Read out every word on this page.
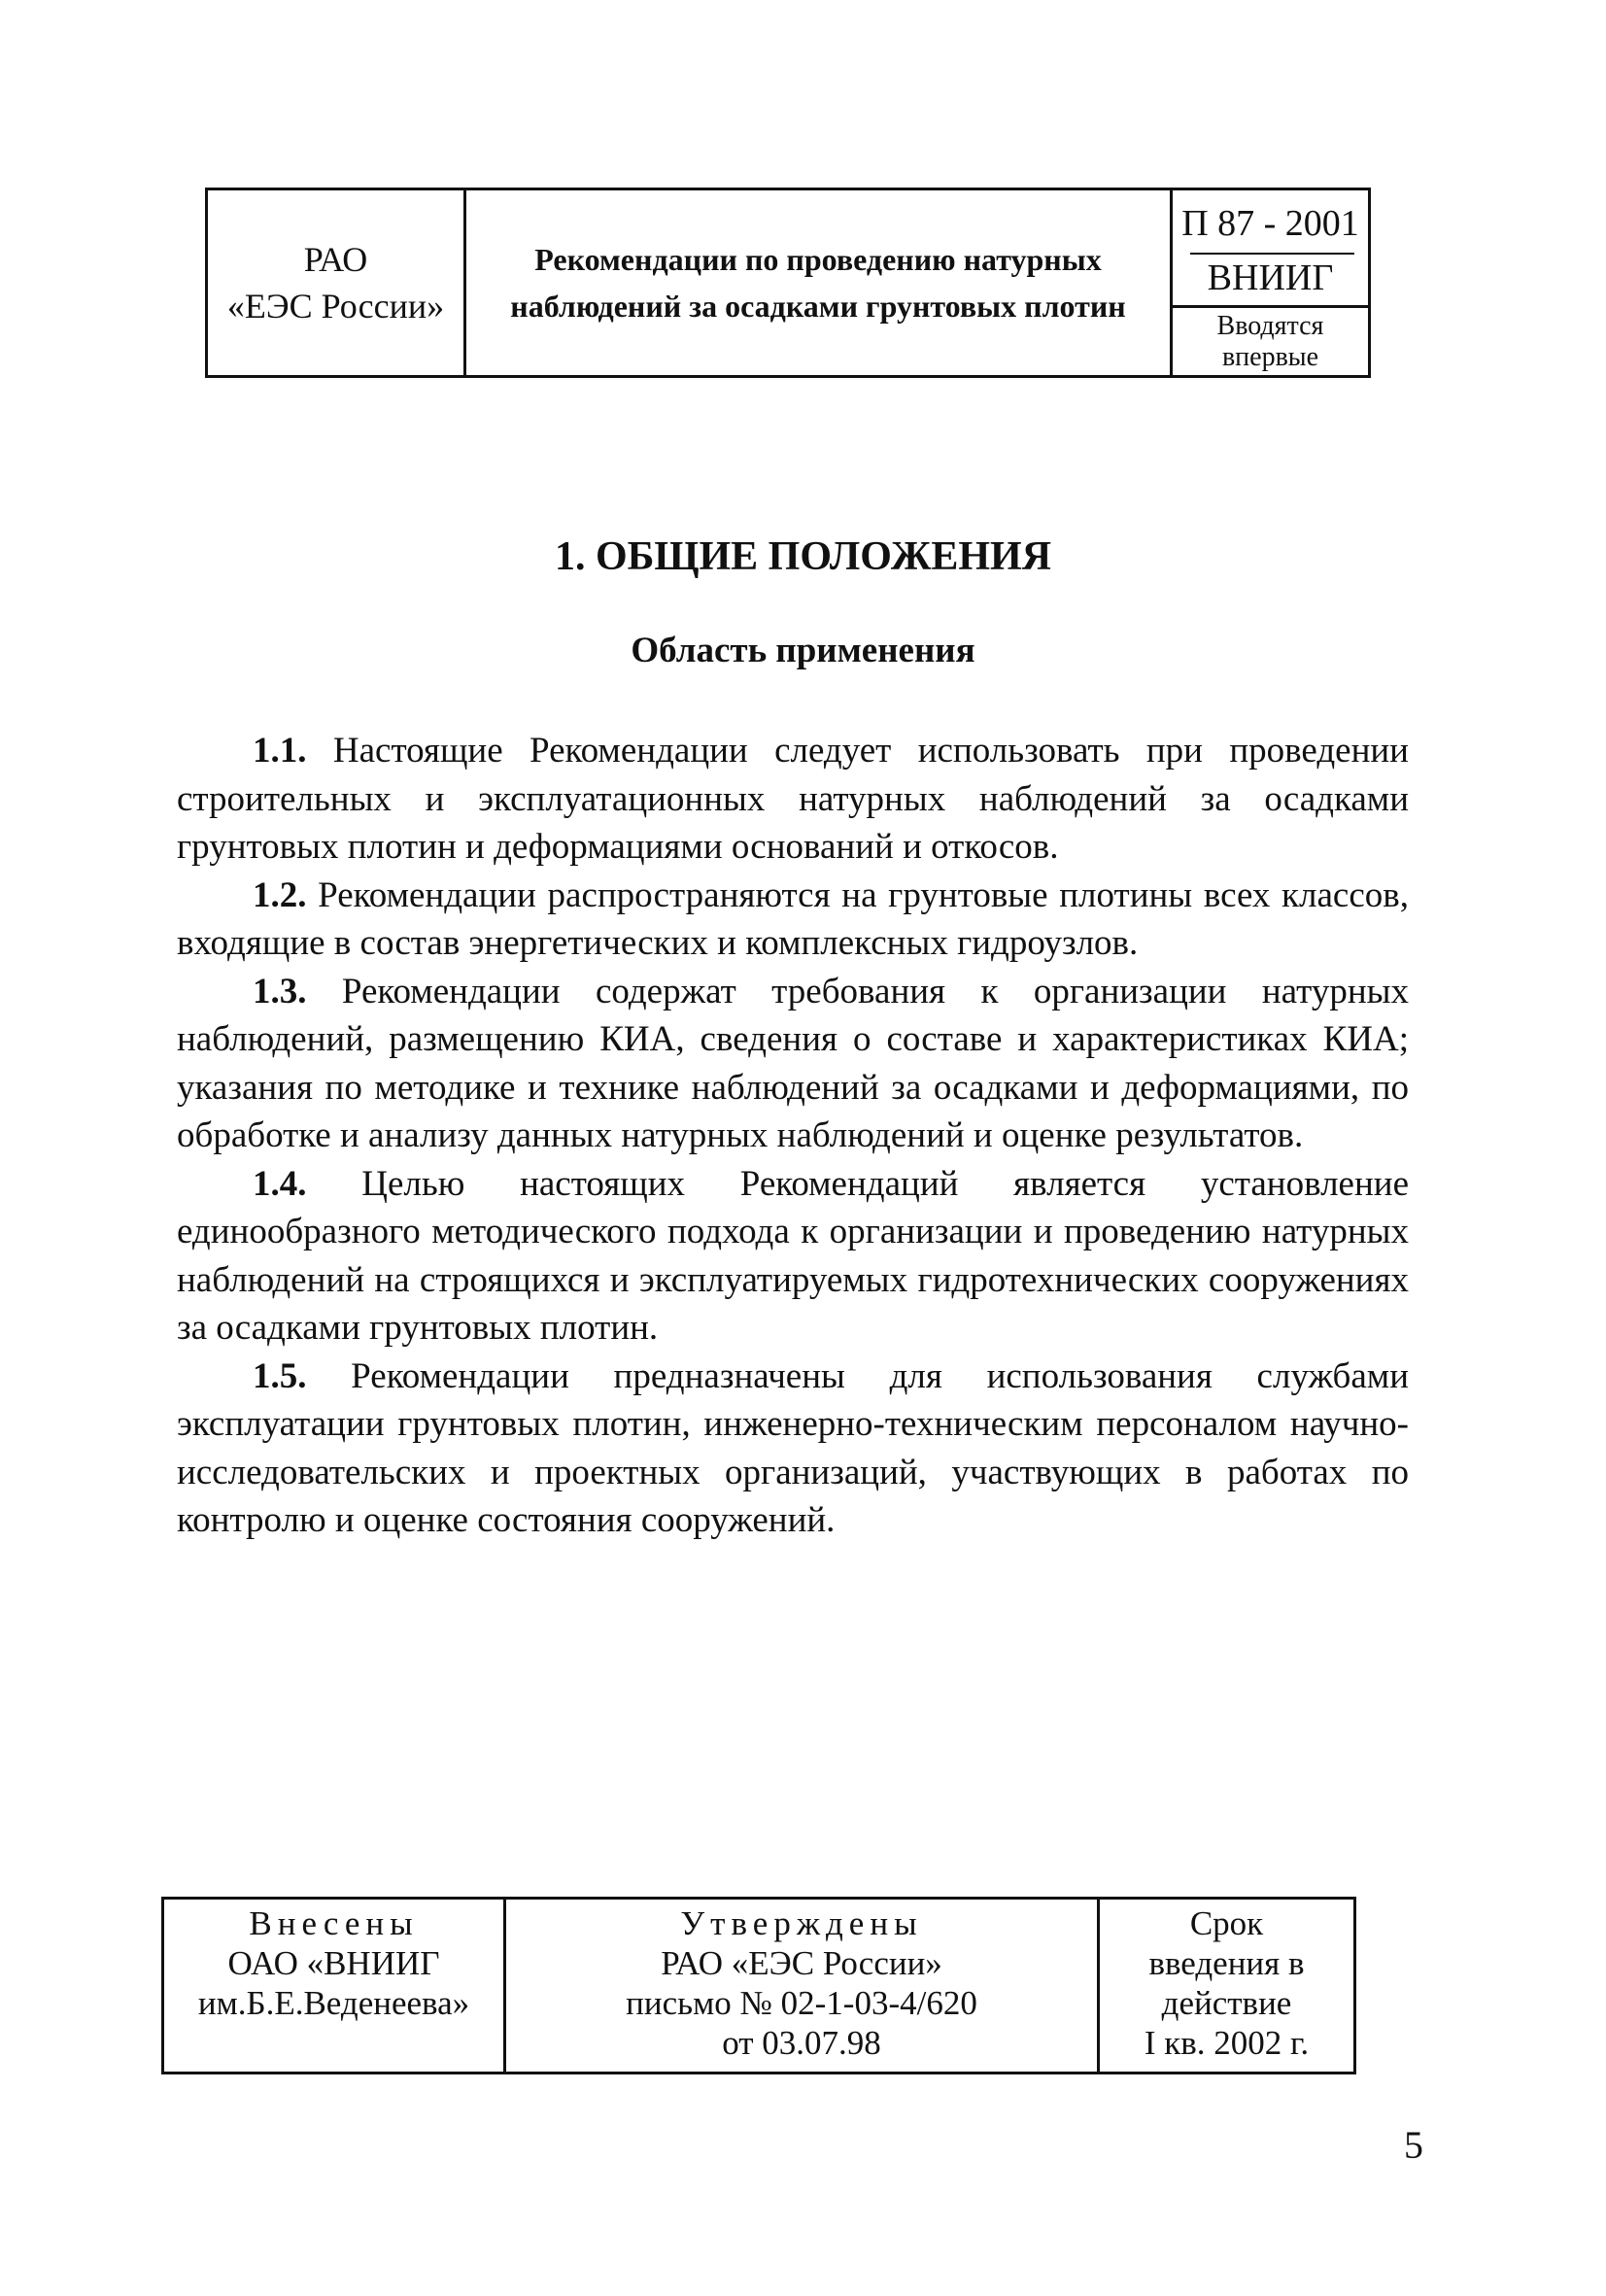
РАО
«ЕЭС России»
Рекомендации по проведению натурных наблюдений за осадками грунтовых плотин
П 87 - 2001
ВНИИГ
Вводятся
впервые
1. ОБЩИЕ ПОЛОЖЕНИЯ
Область применения

1.1. Настоящие Рекомендации следует использовать при проведении строительных и эксплуатационных натурных наблюдений за осадками грунтовых плотин и деформациями оснований и откосов.

1.2. Рекомендации распространяются на грунтовые плотины всех классов, входящие в состав энергетических и комплексных гидроузлов.

1.3. Рекомендации содержат требования к организации натурных наблюдений, размещению КИА, сведения о составе и характеристиках КИА; указания по методике и технике наблюдений за осадками и деформациями, по обработке и анализу данных натурных наблюдений и оценке результатов.

1.4. Целью настоящих Рекомендаций является установление единообразного методического подхода к организации и проведению натурных наблюдений на строящихся и эксплуатируемых гидротехнических сооружениях за осадками грунтовых плотин.

1.5. Рекомендации предназначены для использования службами эксплуатации грунтовых плотин, инженерно-техническим персоналом научно-исследовательских и проектных организаций, участвующих в работах по контролю и оценке состояния сооружений.

Внесены
ОАО «ВНИИГ
им.Б.Е.Веденеева»
Утверждены
РАО «ЕЭС России»
письмо № 02-1-03-4/620
от 03.07.98
Срок
введения в
действие
I кв. 2002 г.
5
